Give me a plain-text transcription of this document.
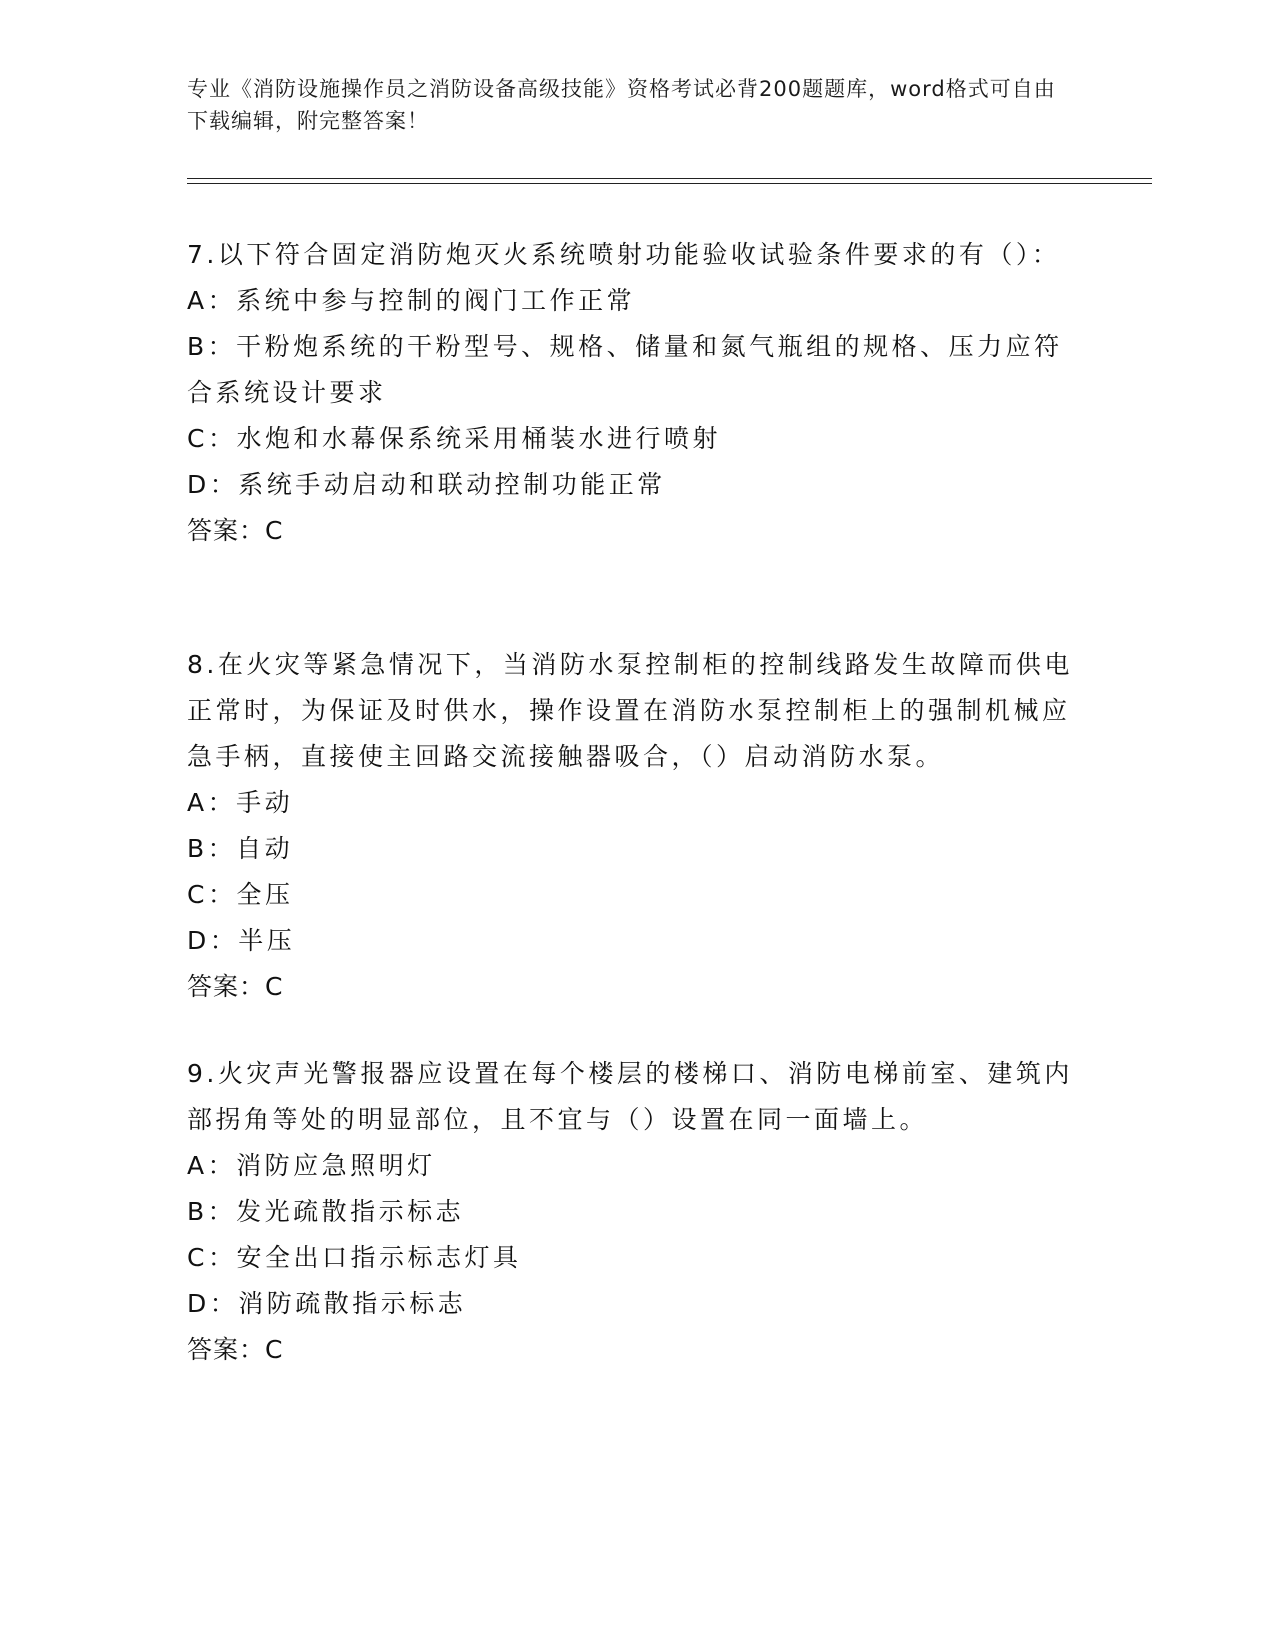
专业《消防设施操作员之消防设备高级技能》资格考试必背200题题库，word格式可自由下载编辑，附完整答案！

7.以下符合固定消防炮灭火系统喷射功能验收试验条件要求的有（）：

A：系统中参与控制的阀门工作正常

B：干粉炮系统的干粉型号、规格、储量和氮气瓶组的规格、压力应符合系统设计要求

C：水炮和水幕保系统采用桶装水进行喷射

D：系统手动启动和联动控制功能正常

答案：C

8.在火灾等紧急情况下，当消防水泵控制柜的控制线路发生故障而供电正常时，为保证及时供水，操作设置在消防水泵控制柜上的强制机械应急手柄，直接使主回路交流接触器吸合，（）启动消防水泵。

A：手动

B：自动

C：全压

D：半压

答案：C

9.火灾声光警报器应设置在每个楼层的楼梯口、消防电梯前室、建筑内部拐角等处的明显部位，且不宜与（）设置在同一面墙上。

A：消防应急照明灯

B：发光疏散指示标志

C：安全出口指示标志灯具

D：消防疏散指示标志

答案：C
